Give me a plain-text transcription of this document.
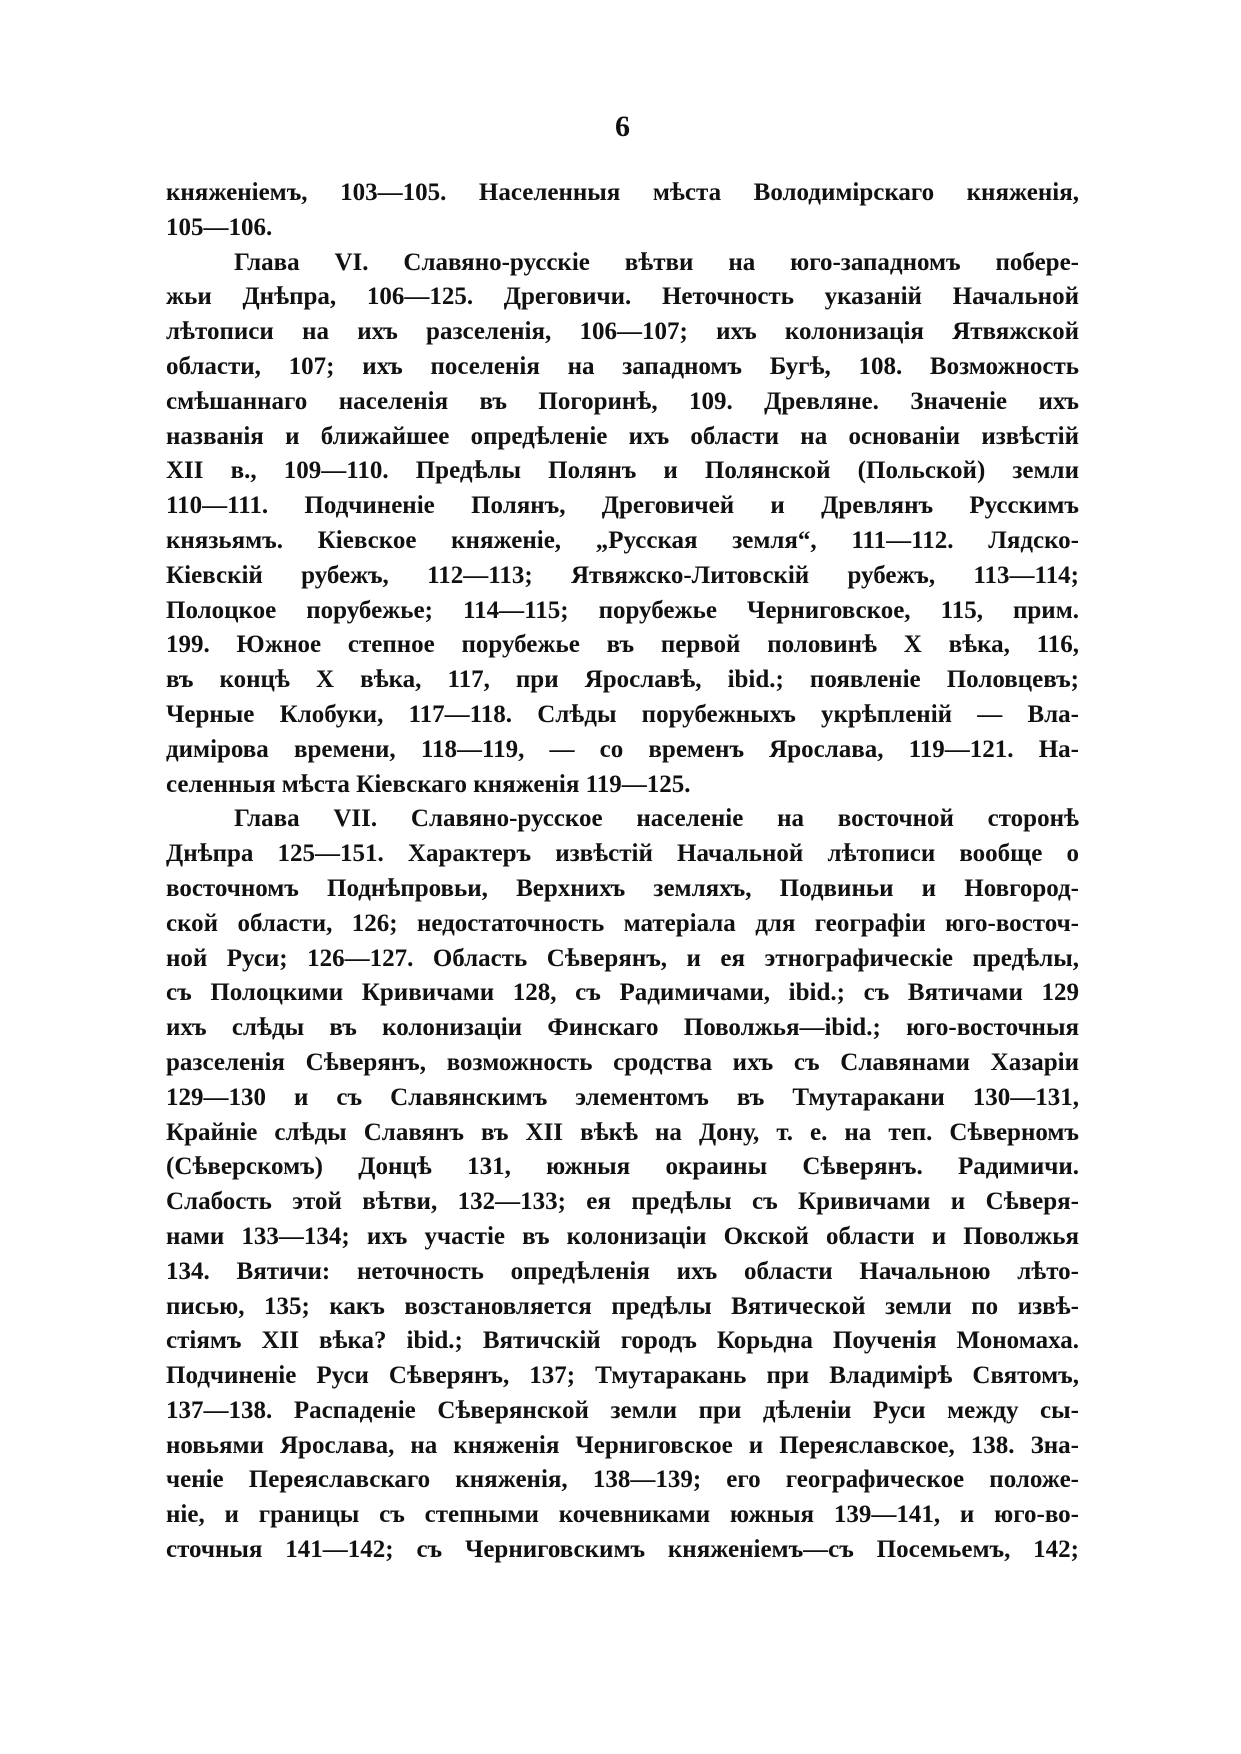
6
княженіемъ, 103—105. Населенныя мѣста Володимірскаго княженія,
105—106.
Глава VI. Славяно-русскіе вѣтви на юго-западномъ побере-
жьи Днѣпра, 106—125. Дреговичи. Неточность указаній Начальной
лѣтописи на ихъ разселенія, 106—107; ихъ колонизація Ятвяжской
области, 107; ихъ поселенія на западномъ Бугѣ, 108. Возможность
смѣшаннаго населенія въ Погоринѣ, 109. Древляне. Значеніе ихъ
названія и ближайшее опредѣленіе ихъ области на основаніи извѣстій
XII в., 109—110. Предѣлы Полянъ и Полянской (Польской) земли
110—111. Подчиненіе Полянъ, Дреговичей и Древлянъ Русскимъ
князьямъ. Кіевское княженіе, „Русская земля“, 111—112. Лядско-
Кіевскій рубежъ, 112—113; Ятвяжско-Литовскій рубежъ, 113—114;
Полоцкое порубежье; 114—115; порубежье Черниговское, 115, прим.
199. Южное степное порубежье въ первой половинѣ X вѣка, 116,
въ концѣ X вѣка, 117, при Ярославѣ, ibid.; появленіе Половцевъ;
Черные Клобуки, 117—118. Слѣды порубежныхъ укрѣпленій — Вла-
димірова времени, 118—119, — со временъ Ярослава, 119—121. На-
селенныя мѣста Кіевскаго княженія 119—125.
Глава VII. Славяно-русское населеніе на восточной сторонѣ
Днѣпра 125—151. Характеръ извѣстій Начальной лѣтописи вообще о
восточномъ Поднѣпровьи, Верхнихъ земляхъ, Подвиньи и Новгород-
ской области, 126; недостаточность матеріала для географіи юго-восточ-
ной Руси; 126—127. Область Сѣверянъ, и ея этнографическіе предѣлы,
съ Полоцкими Кривичами 128, съ Радимичами, ibid.; съ Вятичами 129
ихъ слѣды въ колонизаціи Финскаго Поволжья—ibid.; юго-восточныя
разселенія Сѣверянъ, возможность сродства ихъ съ Славянами Хазаріи
129—130 и съ Славянскимъ элементомъ въ Тмутаракани 130—131,
Крайніе слѣды Славянъ въ XII вѣкѣ на Дону, т. е. на теп. Сѣверномъ
(Сѣверскомъ) Донцѣ 131, южныя окраины Сѣверянъ. Радимичи.
Слабость этой вѣтви, 132—133; ея предѣлы съ Кривичами и Сѣверя-
нами 133—134; ихъ участіе въ колонизаціи Окской области и Поволжья
134. Вятичи: неточность опредѣленія ихъ области Начальною лѣто-
писью, 135; какъ возстановляется предѣлы Вятической земли по извѣ-
стіямъ XII вѣка? ibid.; Вятичскій городъ Корьдна Поученія Мономаха.
Подчиненіе Руси Сѣверянъ, 137; Тмутаракань при Владимірѣ Святомъ,
137—138. Распаденіе Сѣверянской земли при дѣленіи Руси между сы-
новьями Ярослава, на княженія Черниговское и Переяславское, 138. Зна-
ченіе Переяславскаго княженія, 138—139; его географическое положе-
ніе, и границы съ степными кочевниками южныя 139—141, и юго-во-
сточныя 141—142; съ Черниговскимъ княженіемъ—съ Посемьемъ, 142;
